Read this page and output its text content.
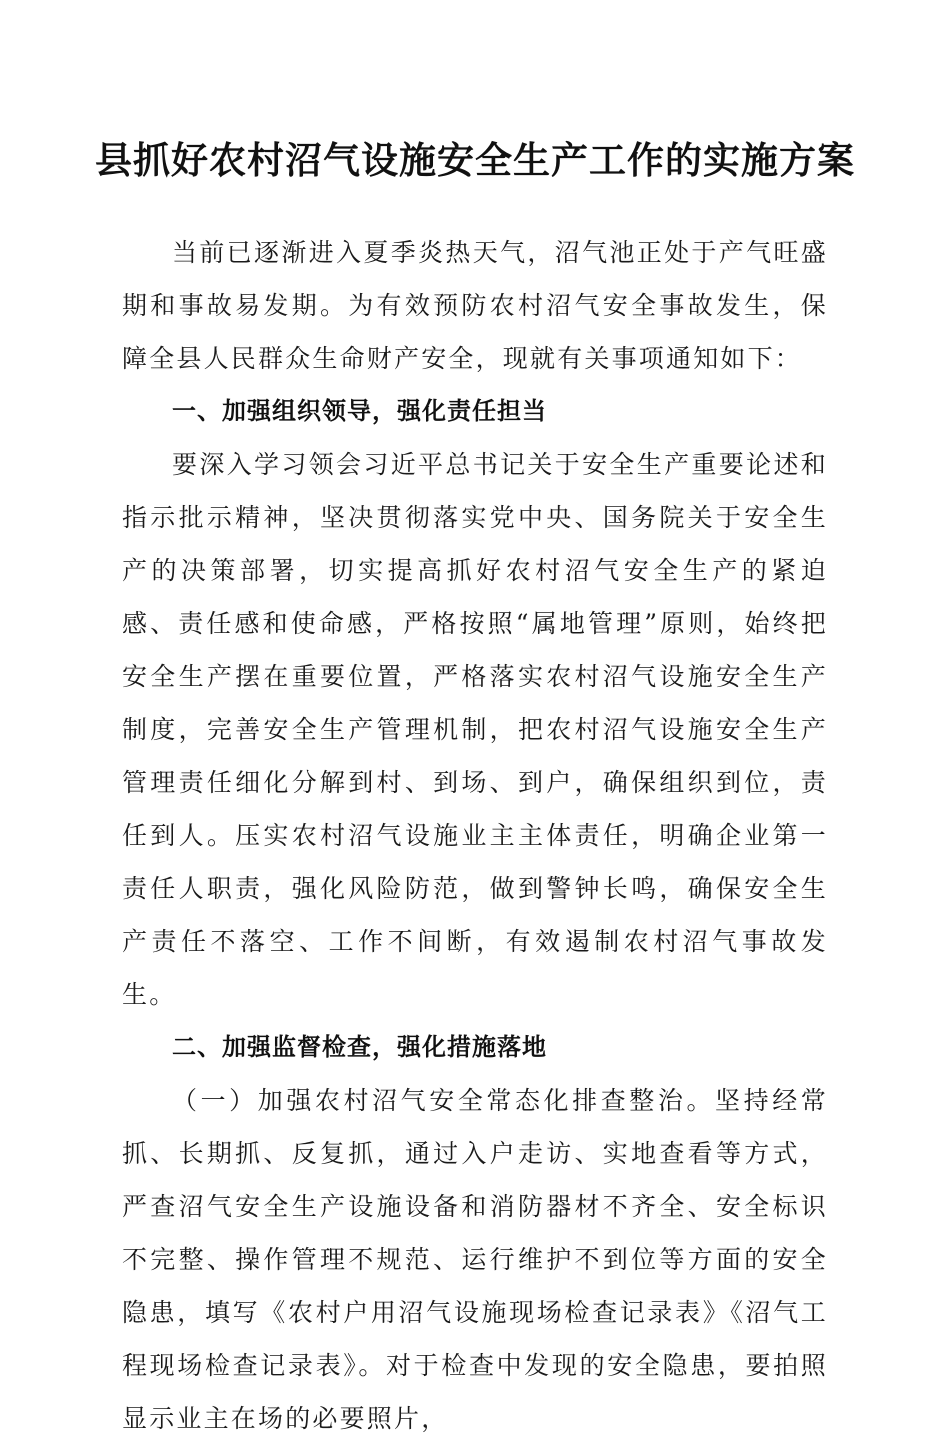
县抓好农村沼气设施安全生产工作的实施方案

当前已逐渐进入夏季炎热天气，沼气池正处于产气旺盛期和事故易发期。为有效预防农村沼气安全事故发生，保障全县人民群众生命财产安全，现就有关事项通知如下：

一、加强组织领导，强化责任担当

要深入学习领会习近平总书记关于安全生产重要论述和指示批示精神，坚决贯彻落实党中央、国务院关于安全生产的决策部署，切实提高抓好农村沼气安全生产的紧迫感、责任感和使命感，严格按照“属地管理”原则，始终把安全生产摆在重要位置，严格落实农村沼气设施安全生产制度，完善安全生产管理机制，把农村沼气设施安全生产管理责任细化分解到村、到场、到户，确保组织到位，责任到人。压实农村沼气设施业主主体责任，明确企业第一责任人职责，强化风险防范，做到警钟长鸣，确保安全生产责任不落空、工作不间断，有效遏制农村沼气事故发生。

二、加强监督检查，强化措施落地

（一）加强农村沼气安全常态化排查整治。坚持经常抓、长期抓、反复抓，通过入户走访、实地查看等方式，严查沼气安全生产设施设备和消防器材不齐全、安全标识不完整、操作管理不规范、运行维护不到位等方面的安全隐患，填写《农村户用沼气设施现场检查记录表》《沼气工程现场检查记录表》。对于检查中发现的安全隐患，要拍照显示业主在场的必要照片，
